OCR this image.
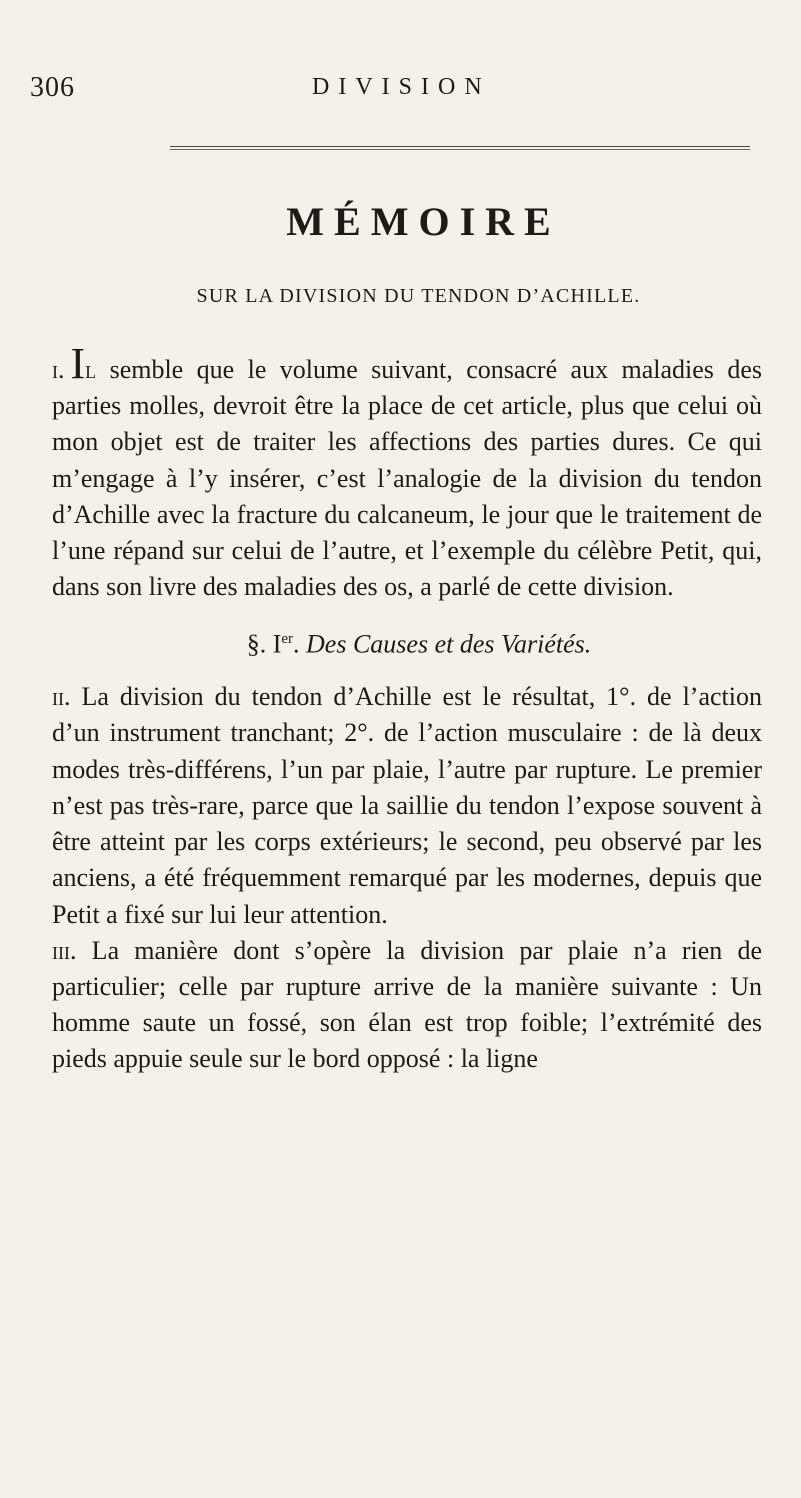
306	DIVISION
MÉMOIRE
SUR LA DIVISION DU TENDON D’ACHILLE.

i. Il semble que le volume suivant, consacré aux maladies des parties molles, devroit être la place de cet article, plus que celui où mon objet est de traiter les affections des parties dures. Ce qui m’engage à l’y insérer, c’est l’analogie de la division du tendon d’Achille avec la fracture du calcaneum, le jour que le traitement de l’une répand sur celui de l’autre, et l’exemple du célèbre Petit, qui, dans son livre des maladies des os, a parlé de cette division.

§. Ier. Des Causes et des Variétés.

ii. La division du tendon d’Achille est le résultat, 1°. de l’action d’un instrument tranchant; 2°. de l’action musculaire : de là deux modes très-différens, l’un par plaie, l’autre par rupture. Le premier n’est pas très-rare, parce que la saillie du tendon l’expose souvent à être atteint par les corps extérieurs; le second, peu observé par les anciens, a été fréquemment remarqué par les modernes, depuis que Petit a fixé sur lui leur attention.

iii. La manière dont s’opère la division par plaie n’a rien de particulier; celle par rupture arrive de la manière suivante : Un homme saute un fossé, son élan est trop foible; l’extrémité des pieds appuie seule sur le bord opposé : la ligne
